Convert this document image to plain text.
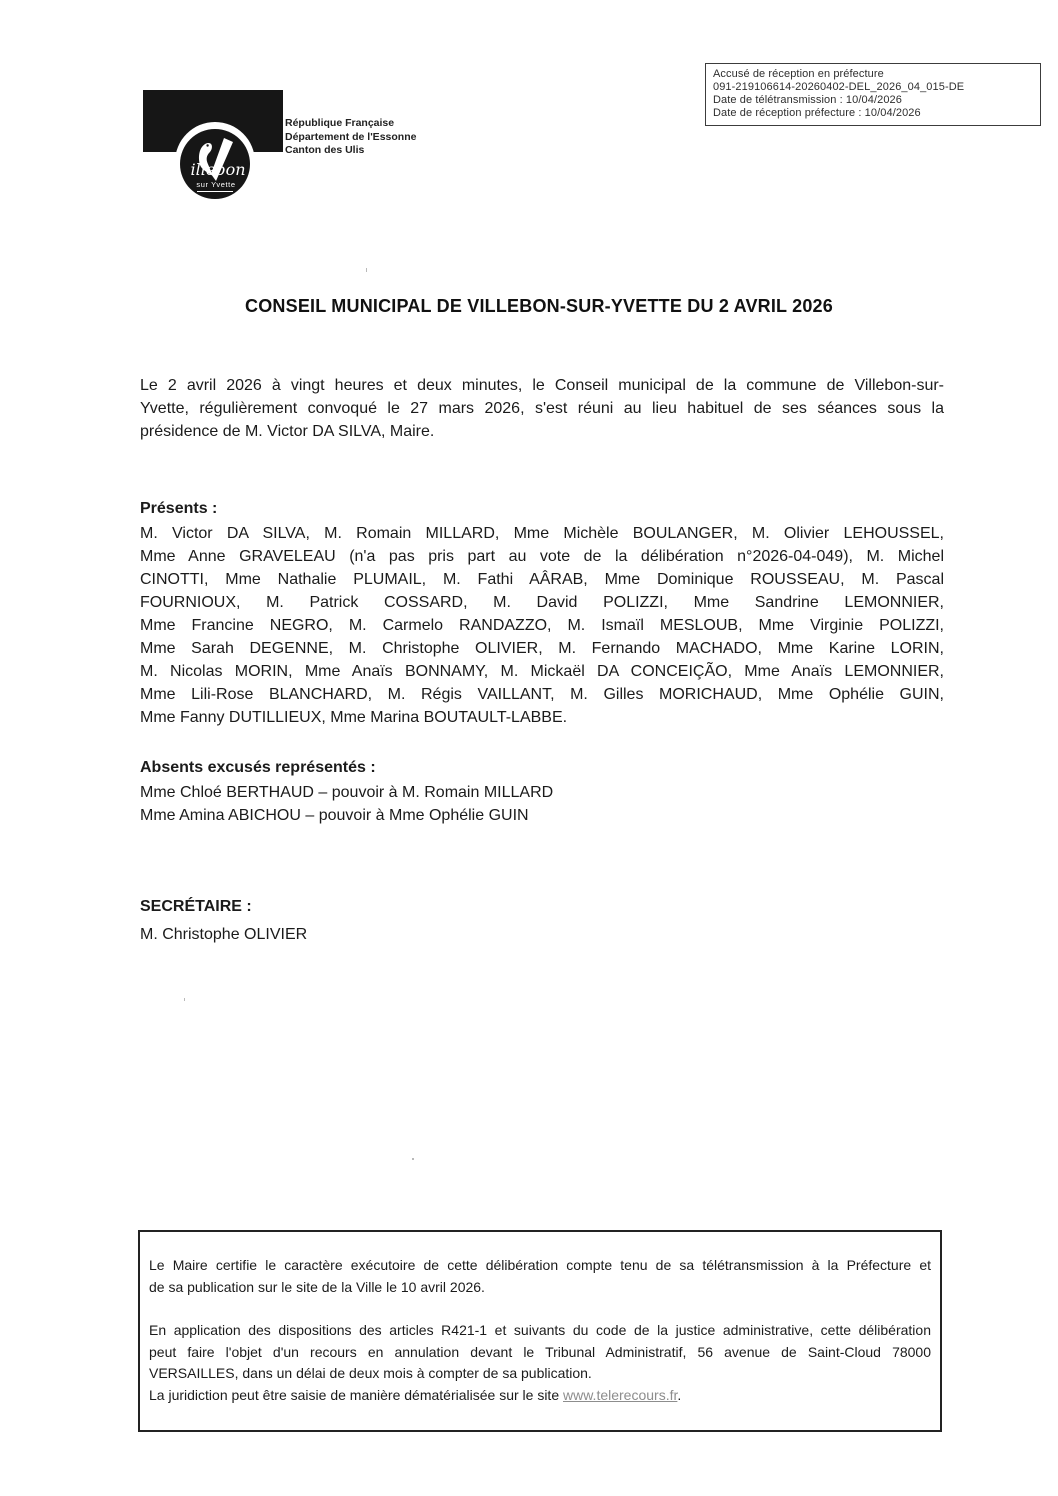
Accusé de réception en préfecture
091-219106614-20260402-DEL_2026_04_015-DE
Date de télétransmission : 10/04/2026
Date de réception préfecture : 10/04/2026
illebon
sur Yvette
République Française
Département de l'Essonne
Canton des Ulis
CONSEIL MUNICIPAL DE VILLEBON-SUR-YVETTE DU 2 AVRIL 2026
Le 2 avril 2026 à vingt heures et deux minutes, le Conseil municipal de la commune de Villebon-sur-
Yvette, régulièrement convoqué le 27 mars 2026, s'est réuni au lieu habituel de ses séances sous la
présidence de M. Victor DA SILVA, Maire.
Présents :
M. Victor DA SILVA, M. Romain MILLARD, Mme Michèle BOULANGER, M. Olivier LEHOUSSEL,
Mme Anne GRAVELEAU (n'a pas pris part au vote de la délibération n°2026-04-049), M. Michel
CINOTTI, Mme Nathalie PLUMAIL, M. Fathi AÂRAB, Mme Dominique ROUSSEAU, M. Pascal
FOURNIOUX, M. Patrick COSSARD, M. David POLIZZI, Mme Sandrine LEMONNIER,
Mme Francine NEGRO, M. Carmelo RANDAZZO, M. Ismaïl MESLOUB, Mme Virginie POLIZZI,
Mme Sarah DEGENNE, M. Christophe OLIVIER, M. Fernando MACHADO, Mme Karine LORIN,
M. Nicolas MORIN, Mme Anaïs BONNAMY, M. Mickaël DA CONCEIÇÃO, Mme Anaïs LEMONNIER,
Mme Lili-Rose BLANCHARD, M. Régis VAILLANT, M. Gilles MORICHAUD, Mme Ophélie GUIN,
Mme Fanny DUTILLIEUX, Mme Marina BOUTAULT-LABBE.
Absents excusés représentés :
Mme Chloé BERTHAUD – pouvoir à M. Romain MILLARD
Mme Amina ABICHOU – pouvoir à Mme Ophélie GUIN
SECRÉTAIRE :
M. Christophe OLIVIER
Le Maire certifie le caractère exécutoire de cette délibération compte tenu de sa télétransmission à la Préfecture et
de sa publication sur le site de la Ville le 10 avril 2026.
En application des dispositions des articles R421-1 et suivants du code de la justice administrative, cette délibération
peut faire l'objet d'un recours en annulation devant le Tribunal Administratif, 56 avenue de Saint-Cloud 78000
VERSAILLES, dans un délai de deux mois à compter de sa publication.
La juridiction peut être saisie de manière dématérialisée sur le site www.telerecours.fr.
